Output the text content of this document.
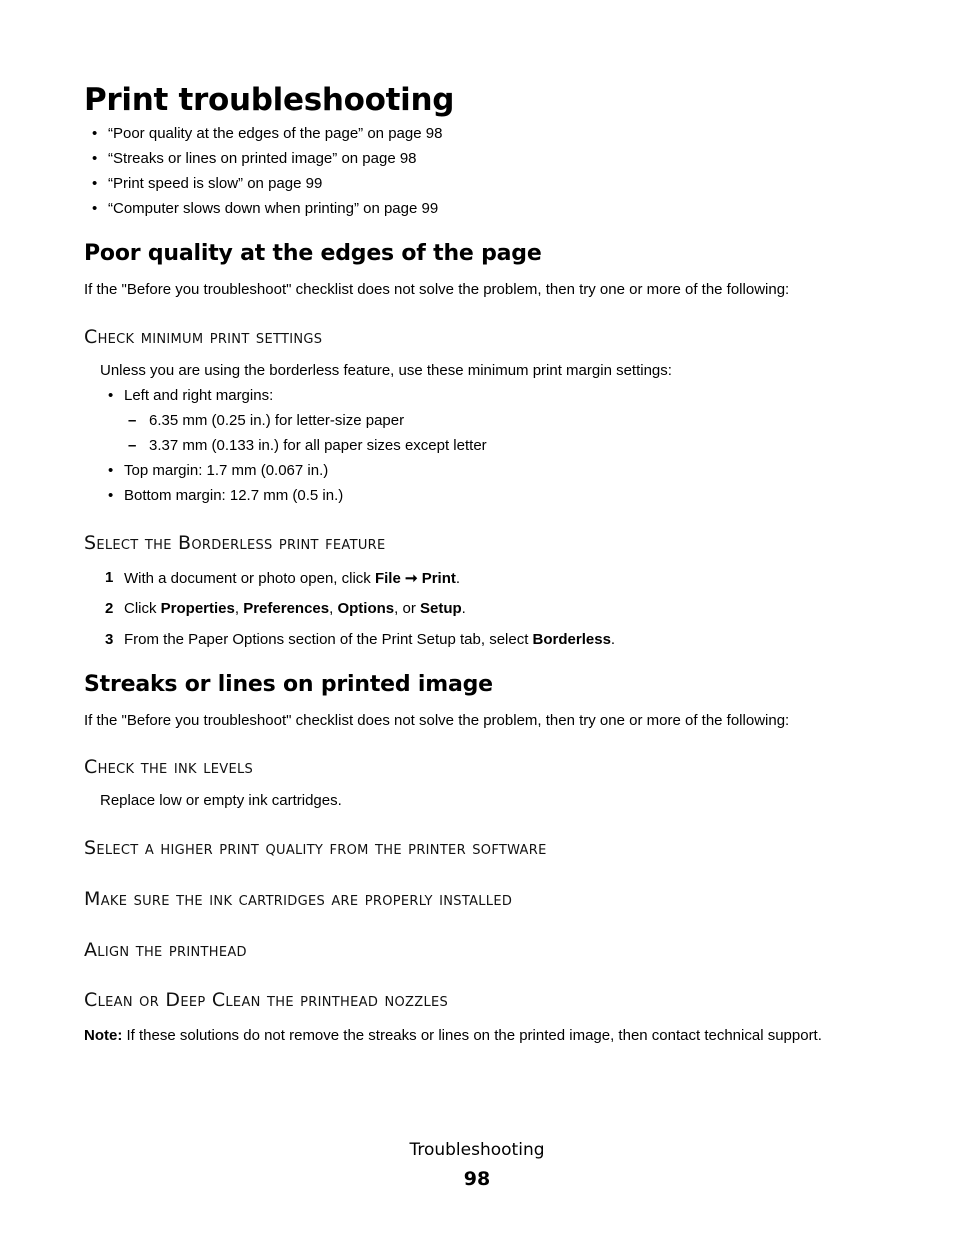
Print troubleshooting
• “Poor quality at the edges of the page” on page 98
• “Streaks or lines on printed image” on page 98
• “Print speed is slow” on page 99
• “Computer slows down when printing” on page 99
Poor quality at the edges of the page
If the "Before you troubleshoot" checklist does not solve the problem, then try one or more of the following:
Check minimum print settings
Unless you are using the borderless feature, use these minimum print margin settings:
• Left and right margins:
– 6.35 mm (0.25 in.) for letter-size paper
– 3.37 mm (0.133 in.) for all paper sizes except letter
• Top margin: 1.7 mm (0.067 in.)
• Bottom margin: 12.7 mm (0.5 in.)
Select the Borderless print feature
1 With a document or photo open, click File ➞ Print.
2 Click Properties, Preferences, Options, or Setup.
3 From the Paper Options section of the Print Setup tab, select Borderless.
Streaks or lines on printed image
If the "Before you troubleshoot" checklist does not solve the problem, then try one or more of the following:
Check the ink levels
Replace low or empty ink cartridges.
Select a higher print quality from the printer software
Make sure the ink cartridges are properly installed
Align the printhead
Clean or Deep Clean the printhead nozzles
Note: If these solutions do not remove the streaks or lines on the printed image, then contact technical support.
Troubleshooting
98
